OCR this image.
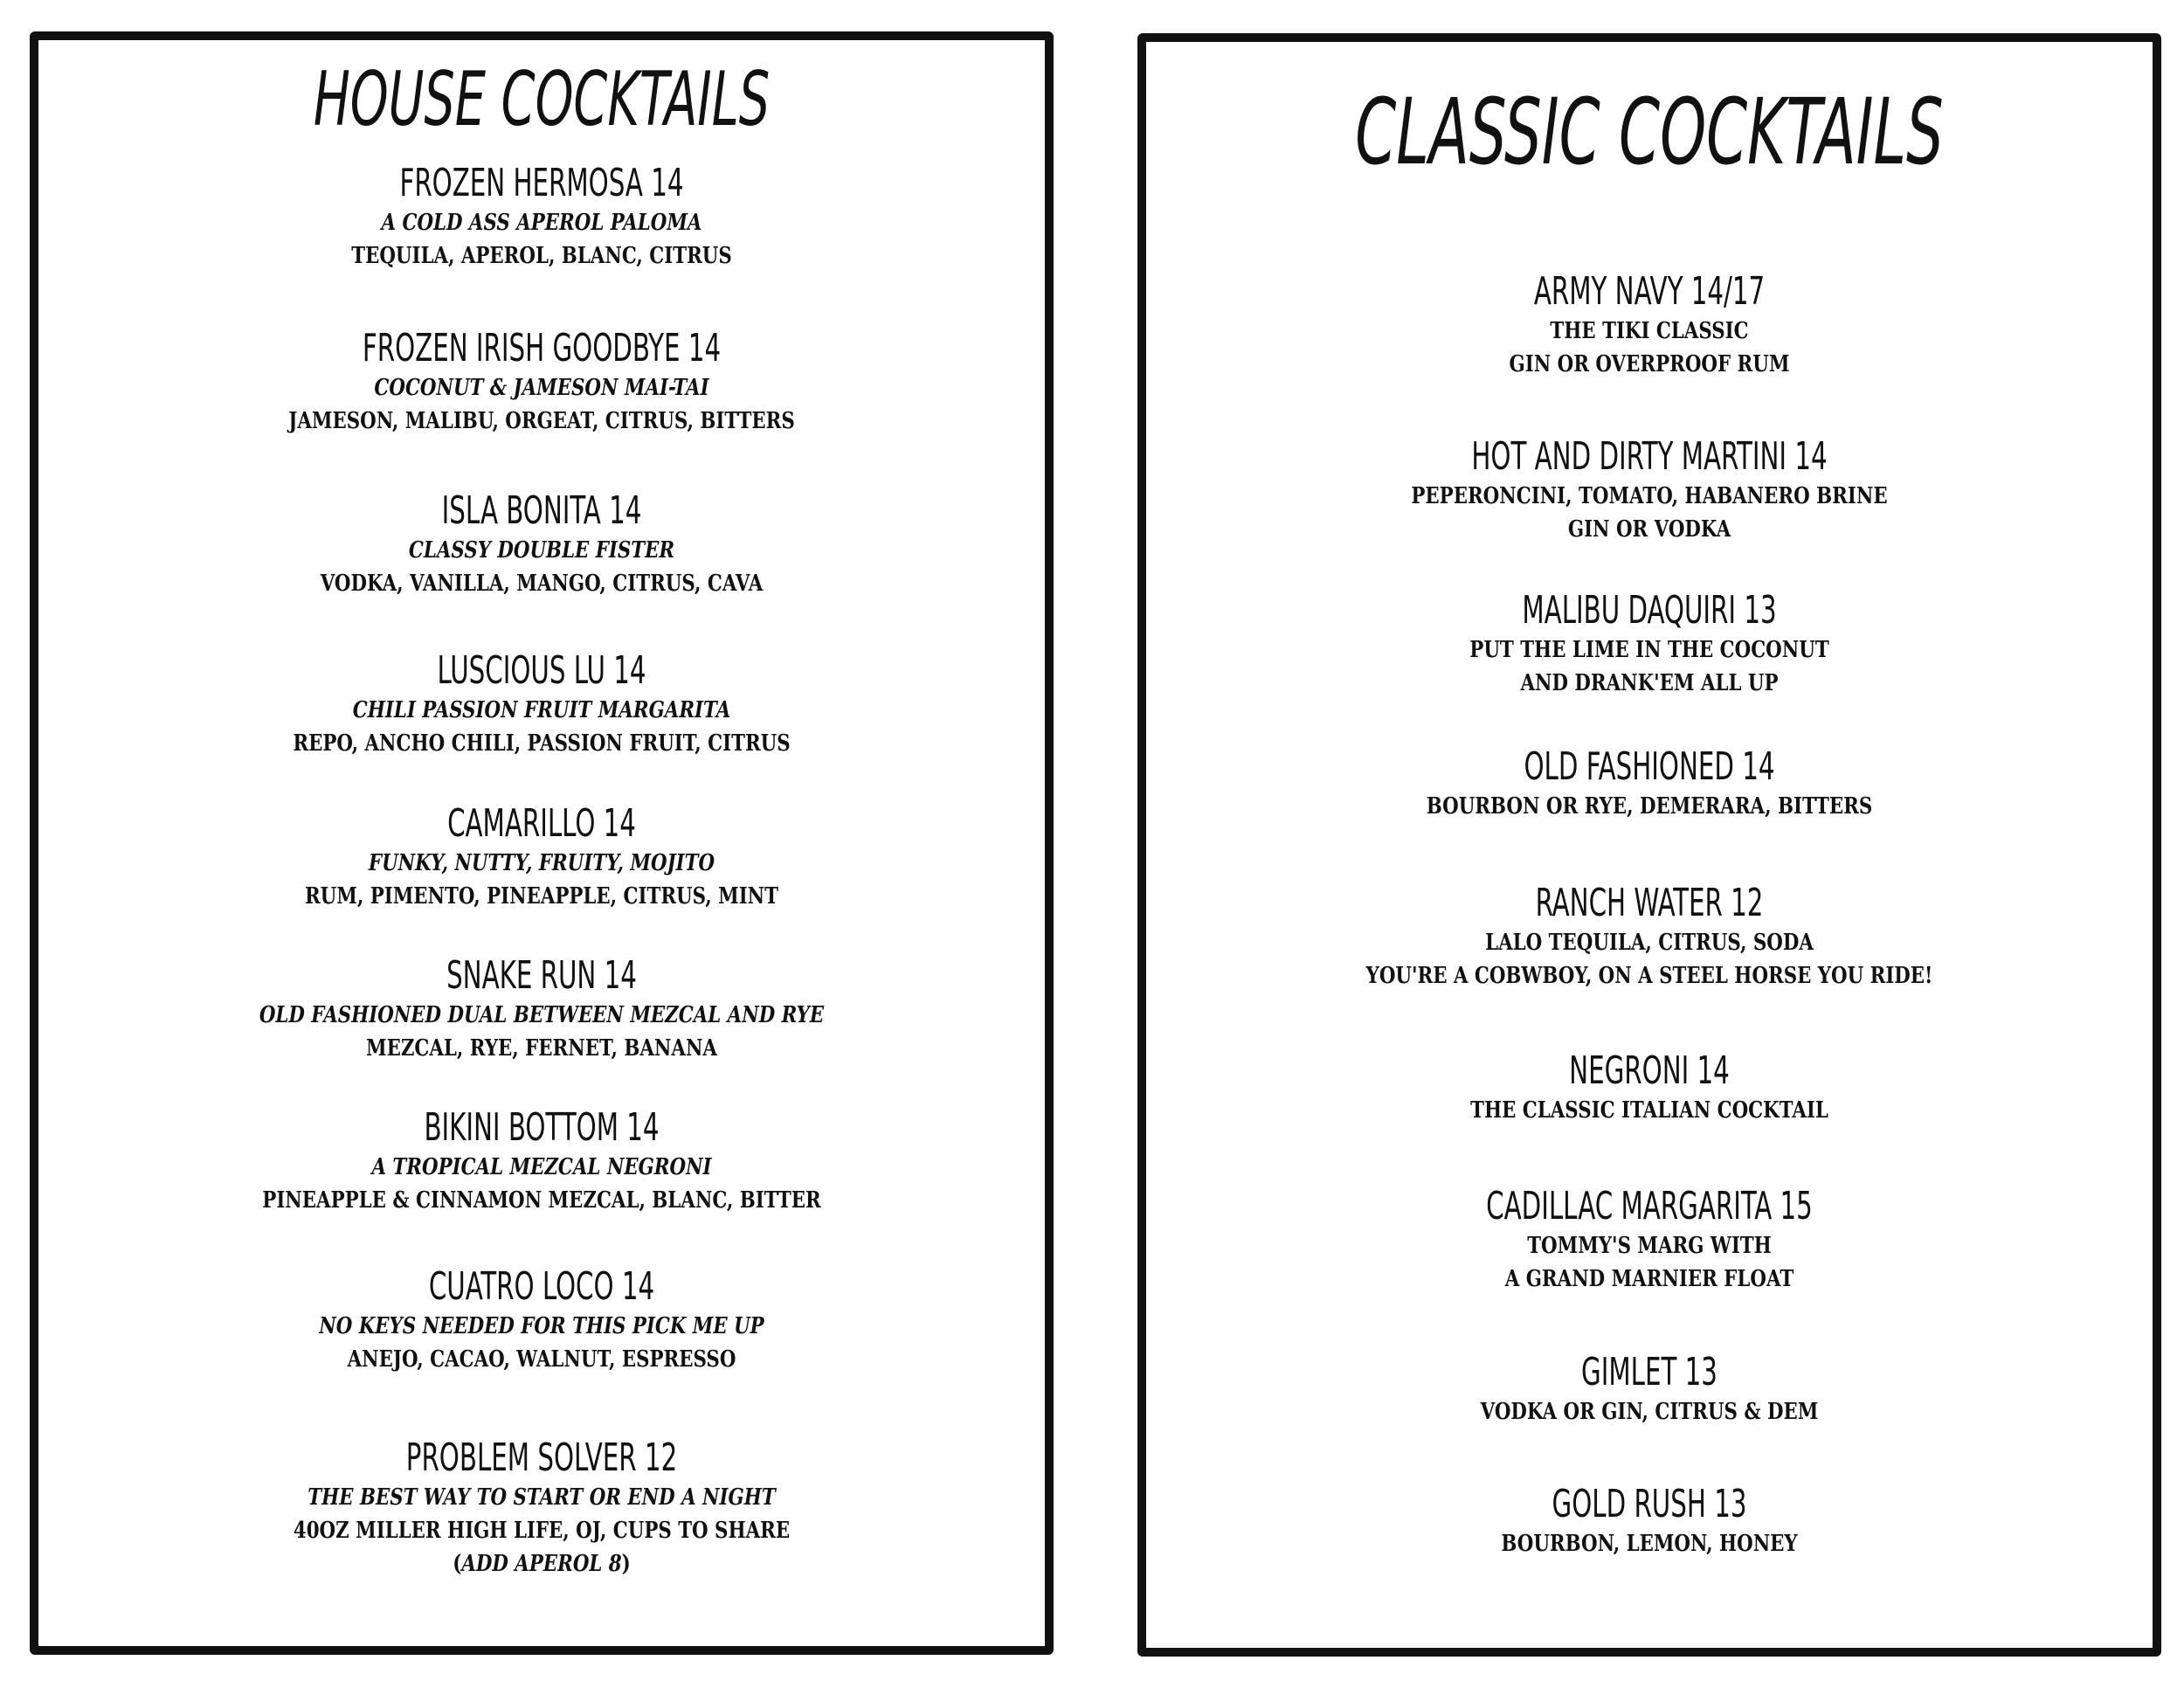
HOUSE COCKTAILS
FROZEN HERMOSA 14
A COLD ASS APEROL PALOMA
TEQUILA, APEROL, BLANC, CITRUS
FROZEN IRISH GOODBYE 14
COCONUT & JAMESON MAI-TAI
JAMESON, MALIBU, ORGEAT, CITRUS, BITTERS
ISLA BONITA 14
CLASSY DOUBLE FISTER
VODKA, VANILLA, MANGO, CITRUS, CAVA
LUSCIOUS LU 14
CHILI PASSION FRUIT MARGARITA
REPO, ANCHO CHILI, PASSION FRUIT, CITRUS
CAMARILLO 14
FUNKY, NUTTY, FRUITY, MOJITO
RUM, PIMENTO, PINEAPPLE, CITRUS, MINT
SNAKE RUN 14
OLD FASHIONED DUAL BETWEEN MEZCAL AND RYE
MEZCAL, RYE, FERNET, BANANA
BIKINI BOTTOM 14
A TROPICAL MEZCAL NEGRONI
PINEAPPLE & CINNAMON MEZCAL, BLANC, BITTER
CUATRO LOCO 14
NO KEYS NEEDED FOR THIS PICK ME UP
ANEJO, CACAO, WALNUT, ESPRESSO
PROBLEM SOLVER 12
THE BEST WAY TO START OR END A NIGHT
40OZ MILLER HIGH LIFE, OJ, CUPS TO SHARE
(ADD APEROL 8)
CLASSIC COCKTAILS
ARMY NAVY 14/17
THE TIKI CLASSIC
GIN OR OVERPROOF RUM
HOT AND DIRTY MARTINI 14
PEPERONCINI, TOMATO, HABANERO BRINE
GIN OR VODKA
MALIBU DAQUIRI 13
PUT THE LIME IN THE COCONUT
AND DRANK'EM ALL UP
OLD FASHIONED 14
BOURBON OR RYE, DEMERARA, BITTERS
RANCH WATER 12
LALO TEQUILA, CITRUS, SODA
YOU'RE A COBWBOY, ON A STEEL HORSE YOU RIDE!
NEGRONI 14
THE CLASSIC ITALIAN COCKTAIL
CADILLAC MARGARITA 15
TOMMY'S MARG WITH
A GRAND MARNIER FLOAT
GIMLET 13
VODKA OR GIN, CITRUS & DEM
GOLD RUSH 13
BOURBON, LEMON, HONEY
